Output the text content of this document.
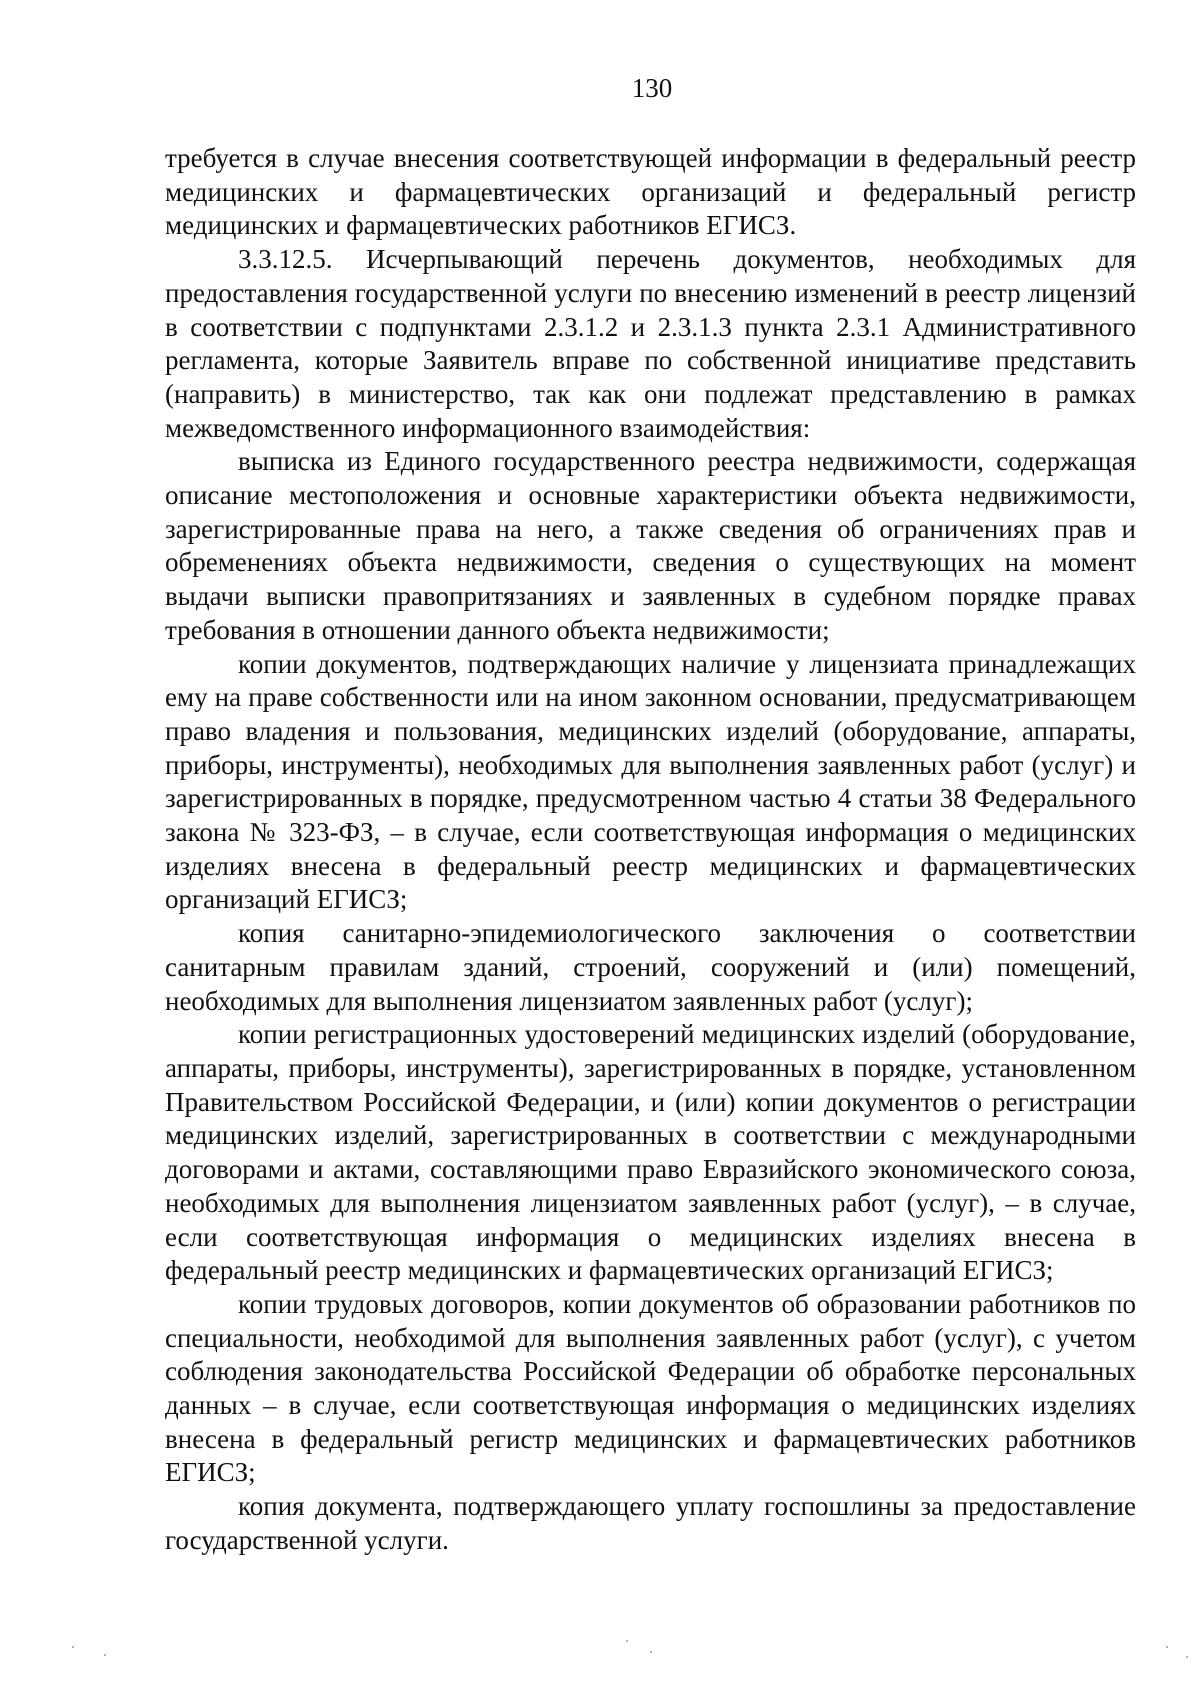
130

требуется в случае внесения соответствующей информации в федеральный реестр медицинских и фармацевтических организаций и федеральный регистр медицинских и фармацевтических работников ЕГИСЗ.

3.3.12.5. Исчерпывающий перечень документов, необходимых для предоставления государственной услуги по внесению изменений в реестр лицензий в соответствии с подпунктами 2.3.1.2 и 2.3.1.3 пункта 2.3.1 Административного регламента, которые Заявитель вправе по собственной инициативе представить (направить) в министерство, так как они подлежат представлению в рамках межведомственного информационного взаимодействия:

выписка из Единого государственного реестра недвижимости, содержащая описание местоположения и основные характеристики объекта недвижимости, зарегистрированные права на него, а также сведения об ограничениях прав и обременениях объекта недвижимости, сведения о существующих на момент выдачи выписки правопритязаниях и заявленных в судебном порядке правах требования в отношении данного объекта недвижимости;

копии документов, подтверждающих наличие у лицензиата принадлежащих ему на праве собственности или на ином законном основании, предусматривающем право владения и пользования, медицинских изделий (оборудование, аппараты, приборы, инструменты), необходимых для выполнения заявленных работ (услуг) и зарегистрированных в порядке, предусмотренном частью 4 статьи 38 Федерального закона № 323-ФЗ, – в случае, если соответствующая информация о медицинских изделиях внесена в федеральный реестр медицинских и фармацевтических организаций ЕГИСЗ;

копия санитарно-эпидемиологического заключения о соответствии санитарным правилам зданий, строений, сооружений и (или) помещений, необходимых для выполнения лицензиатом заявленных работ (услуг);

копии регистрационных удостоверений медицинских изделий (оборудование, аппараты, приборы, инструменты), зарегистрированных в порядке, установленном Правительством Российской Федерации, и (или) копии документов о регистрации медицинских изделий, зарегистрированных в соответствии с международными договорами и актами, составляющими право Евразийского экономического союза, необходимых для выполнения лицензиатом заявленных работ (услуг), – в случае, если соответствующая информация о медицинских изделиях внесена в федеральный реестр медицинских и фармацевтических организаций ЕГИСЗ;

копии трудовых договоров, копии документов об образовании работников по специальности, необходимой для выполнения заявленных работ (услуг), с учетом соблюдения законодательства Российской Федерации об обработке персональных данных – в случае, если соответствующая информация о медицинских изделиях внесена в федеральный регистр медицинских и фармацевтических работников ЕГИСЗ;

копия документа, подтверждающего уплату госпошлины за предоставление государственной услуги.
